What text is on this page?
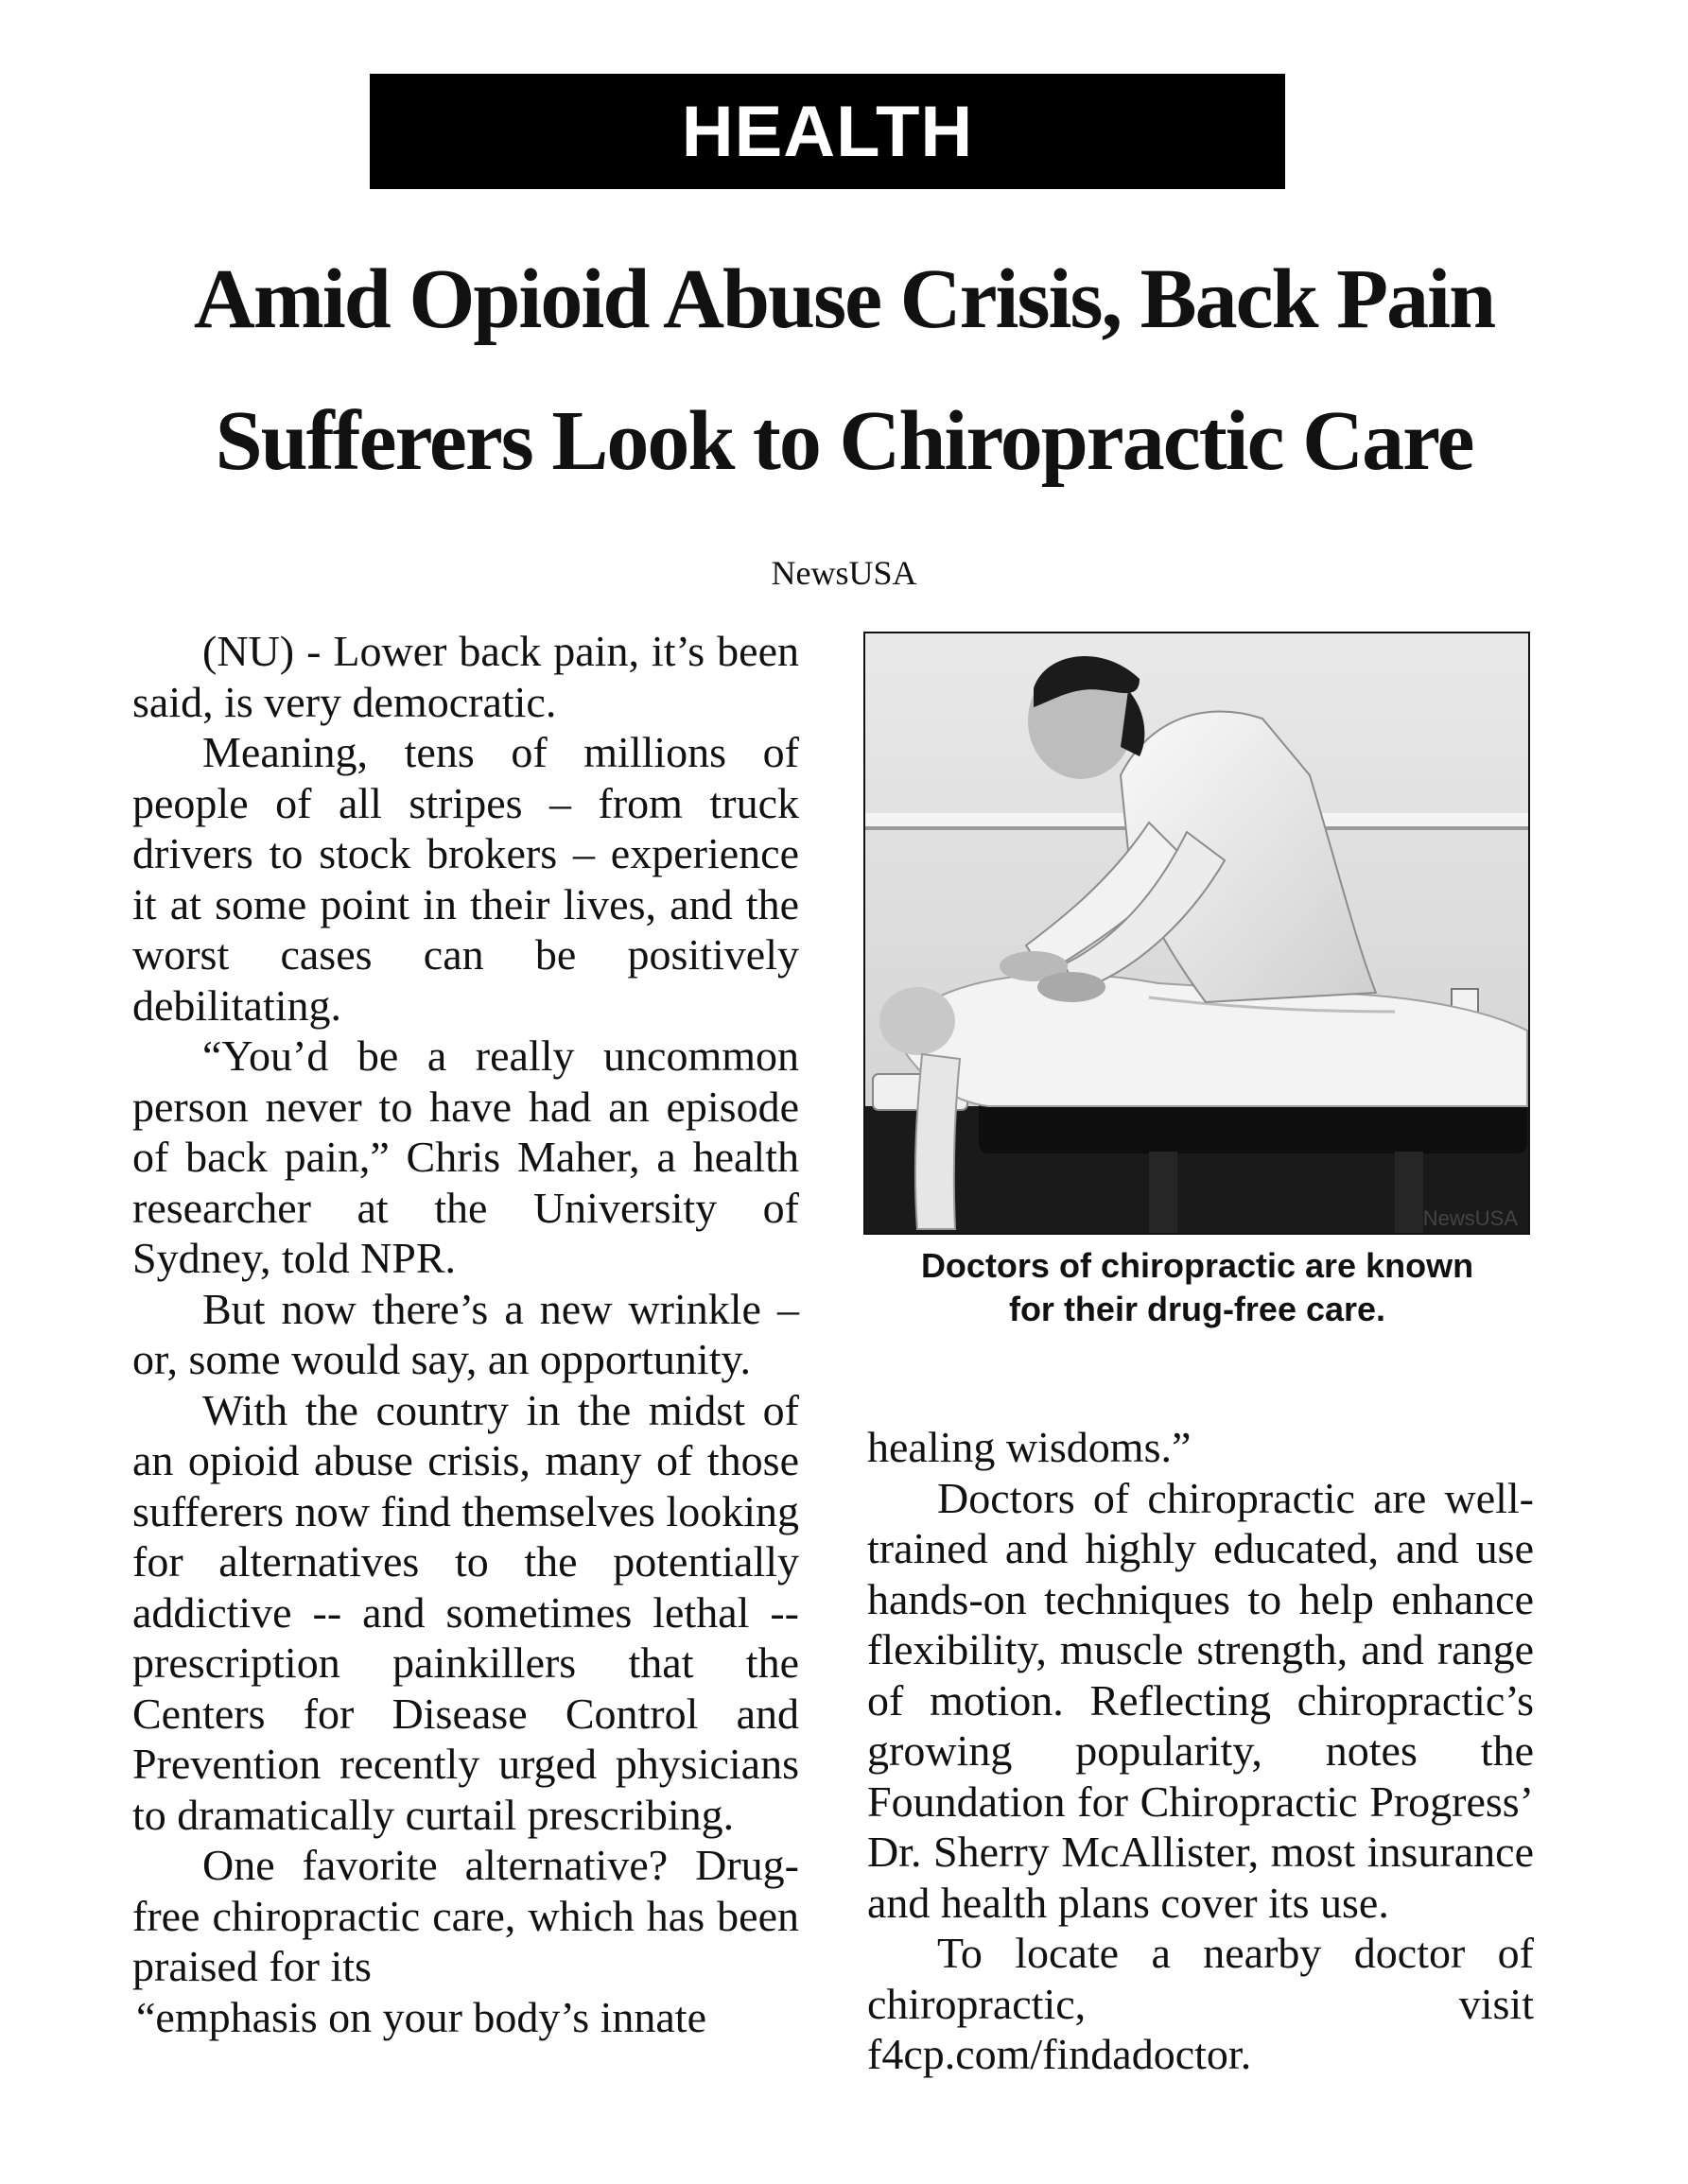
HEALTH
Amid Opioid Abuse Crisis, Back Pain
Sufferers Look to Chiropractic Care
NewsUSA

(NU) - Lower back pain, it’s been said, is very democratic.

Meaning, tens of millions of people of all stripes – from truck drivers to stock brokers – experience it at some point in their lives, and the worst cases can be positively debilitating.

“You’d be a really uncommon person never to have had an episode of back pain,” Chris Maher, a health researcher at the University of Sydney, told NPR.

But now there’s a new wrinkle – or, some would say, an opportunity.

With the country in the midst of an opioid abuse crisis, many of those sufferers now find themselves looking for alternatives to the potentially addictive -- and sometimes lethal -- prescription painkillers that the Centers for Disease Control and Prevention recently urged physicians to dramatically curtail prescribing.

One favorite alternative? Drug-free chiropractic care, which has been praised for its

“emphasis on your body’s innate

NewsUSA
Doctors of chiropractic are known
for their drug-free care.

healing wisdoms.”

Doctors of chiropractic are well-trained and highly educated, and use hands-on techniques to help enhance flexibility, muscle strength, and range of motion. Reflecting chiropractic’s growing popularity, notes the Foundation for Chiropractic Progress’ Dr. Sherry McAllister, most insurance and health plans cover its use.

To locate a nearby doctor of chiropractic, visit f4cp.com/findadoctor.
